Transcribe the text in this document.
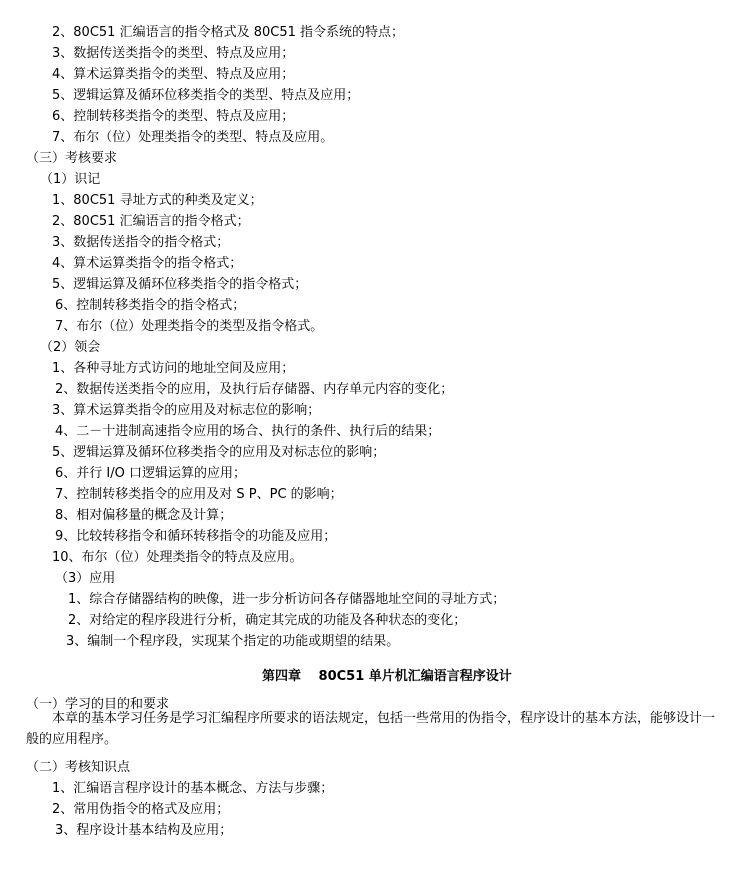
2、80C51 汇编语言的指令格式及 80C51 指令系统的特点；
3、数据传送类指令的类型、特点及应用；
4、算术运算类指令的类型、特点及应用；
5、逻辑运算及循环位移类指令的类型、特点及应用；
6、控制转移类指令的类型、特点及应用；
7、布尔（位）处理类指令的类型、特点及应用。
（三）考核要求
（1）识记
1、80C51 寻址方式的种类及定义；
2、80C51 汇编语言的指令格式；
3、数据传送指令的指令格式；
4、算术运算类指令的指令格式；
5、逻辑运算及循环位移类指令的指令格式；
6、控制转移类指令的指令格式；
7、布尔（位）处理类指令的类型及指令格式。
（2）领会
1、各种寻址方式访问的地址空间及应用；
2、数据传送类指令的应用，及执行后存储器、内存单元内容的变化；
3、算术运算类指令的应用及对标志位的影响；
4、二－十进制高速指令应用的场合、执行的条件、执行后的结果；
5、逻辑运算及循环位移类指令的应用及对标志位的影响；
6、并行 I/O 口逻辑运算的应用；
7、控制转移类指令的应用及对 S P、PC 的影响；
8、相对偏移量的概念及计算；
9、比较转移指令和循环转移指令的功能及应用；
10、布尔（位）处理类指令的特点及应用。
（3）应用
1、综合存储器结构的映像，进一步分析访问各存储器地址空间的寻址方式；
2、对给定的程序段进行分析，确定其完成的功能及各种状态的变化；
3、编制一个程序段，实现某个指定的功能或期望的结果。
（一）学习的目的和要求
（二）考核知识点
1、汇编语言程序设计的基本概念、方法与步骤；
2、常用伪指令的格式及应用；
3、程序设计基本结构及应用；
第四章　 80C51 单片机汇编语言程序设计
　　本章的基本学习任务是学习汇编程序所要求的语法规定，包括一些常用的伪指令，程序设计的基本方法，能够设计一般的应用程序。
